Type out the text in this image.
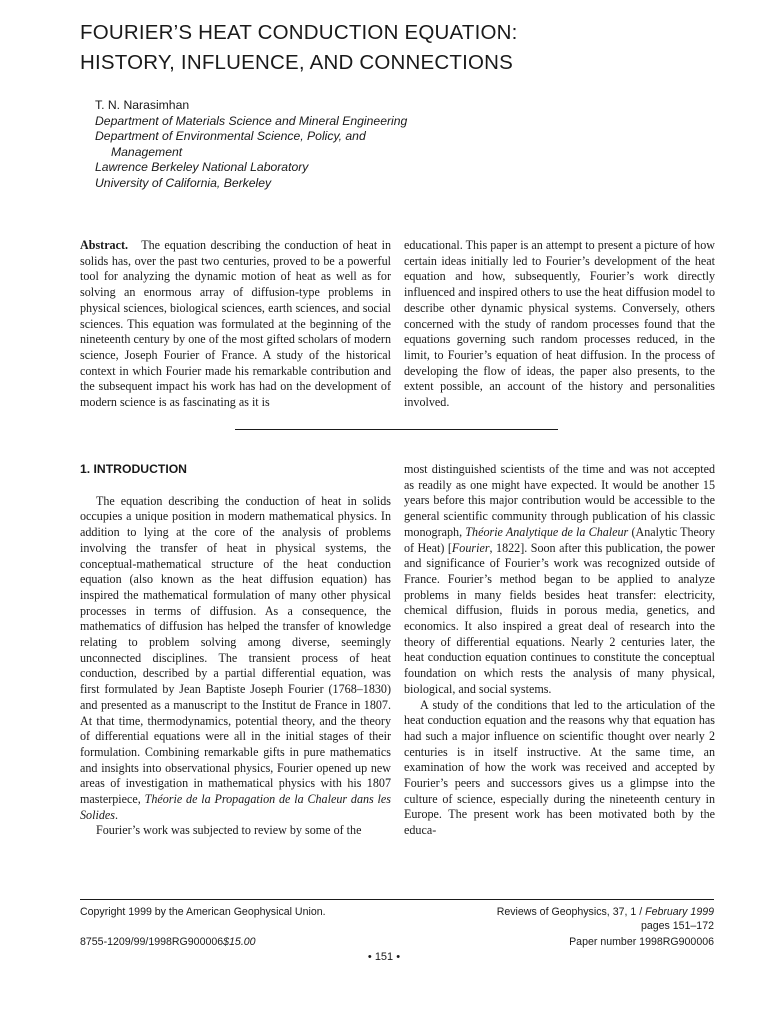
FOURIER’S HEAT CONDUCTION EQUATION:
HISTORY, INFLUENCE, AND CONNECTIONS
T. N. Narasimhan
Department of Materials Science and Mineral Engineering
Department of Environmental Science, Policy, and Management
Lawrence Berkeley National Laboratory
University of California, Berkeley

Abstract. The equation describing the conduction of heat in solids has, over the past two centuries, proved to be a powerful tool for analyzing the dynamic motion of heat as well as for solving an enormous array of diffusion-type problems in physical sciences, biological sciences, earth sciences, and social sciences. This equation was formulated at the beginning of the nineteenth century by one of the most gifted scholars of modern science, Joseph Fourier of France. A study of the historical context in which Fourier made his remarkable contribution and the subsequent impact his work has had on the development of modern science is as fascinating as it is

educational. This paper is an attempt to present a picture of how certain ideas initially led to Fourier’s development of the heat equation and how, subsequently, Fourier’s work directly influenced and inspired others to use the heat diffusion model to describe other dynamic physical systems. Conversely, others concerned with the study of random processes found that the equations governing such random processes reduced, in the limit, to Fourier’s equation of heat diffusion. In the process of developing the flow of ideas, the paper also presents, to the extent possible, an account of the history and personalities involved.

1. INTRODUCTION

The equation describing the conduction of heat in solids occupies a unique position in modern mathematical physics. In addition to lying at the core of the analysis of problems involving the transfer of heat in physical systems, the conceptual-mathematical structure of the heat conduction equation (also known as the heat diffusion equation) has inspired the mathematical formulation of many other physical processes in terms of diffusion. As a consequence, the mathematics of diffusion has helped the transfer of knowledge relating to problem solving among diverse, seemingly unconnected disciplines. The transient process of heat conduction, described by a partial differential equation, was first formulated by Jean Baptiste Joseph Fourier (1768–1830) and presented as a manuscript to the Institut de France in 1807. At that time, thermodynamics, potential theory, and the theory of differential equations were all in the initial stages of their formulation. Combining remarkable gifts in pure mathematics and insights into observational physics, Fourier opened up new areas of investigation in mathematical physics with his 1807 masterpiece, Théorie de la Propagation de la Chaleur dans les Solides.

Fourier’s work was subjected to review by some of the

most distinguished scientists of the time and was not accepted as readily as one might have expected. It would be another 15 years before this major contribution would be accessible to the general scientific community through publication of his classic monograph, Théorie Analytique de la Chaleur (Analytic Theory of Heat) [Fourier, 1822]. Soon after this publication, the power and significance of Fourier’s work was recognized outside of France. Fourier’s method began to be applied to analyze problems in many fields besides heat transfer: electricity, chemical diffusion, fluids in porous media, genetics, and economics. It also inspired a great deal of research into the theory of differential equations. Nearly 2 centuries later, the heat conduction equation continues to constitute the conceptual foundation on which rests the analysis of many physical, biological, and social systems.

A study of the conditions that led to the articulation of the heat conduction equation and the reasons why that equation has had such a major influence on scientific thought over nearly 2 centuries is in itself instructive. At the same time, an examination of how the work was received and accepted by Fourier’s peers and successors gives us a glimpse into the culture of science, especially during the nineteenth century in Europe. The present work has been motivated both by the educa-

Copyright 1999 by the American Geophysical Union.
8755-1209/99/1998RG900006$15.00
Reviews of Geophysics, 37, 1 / February 1999
pages 151–172
Paper number 1998RG900006
• 151 •
